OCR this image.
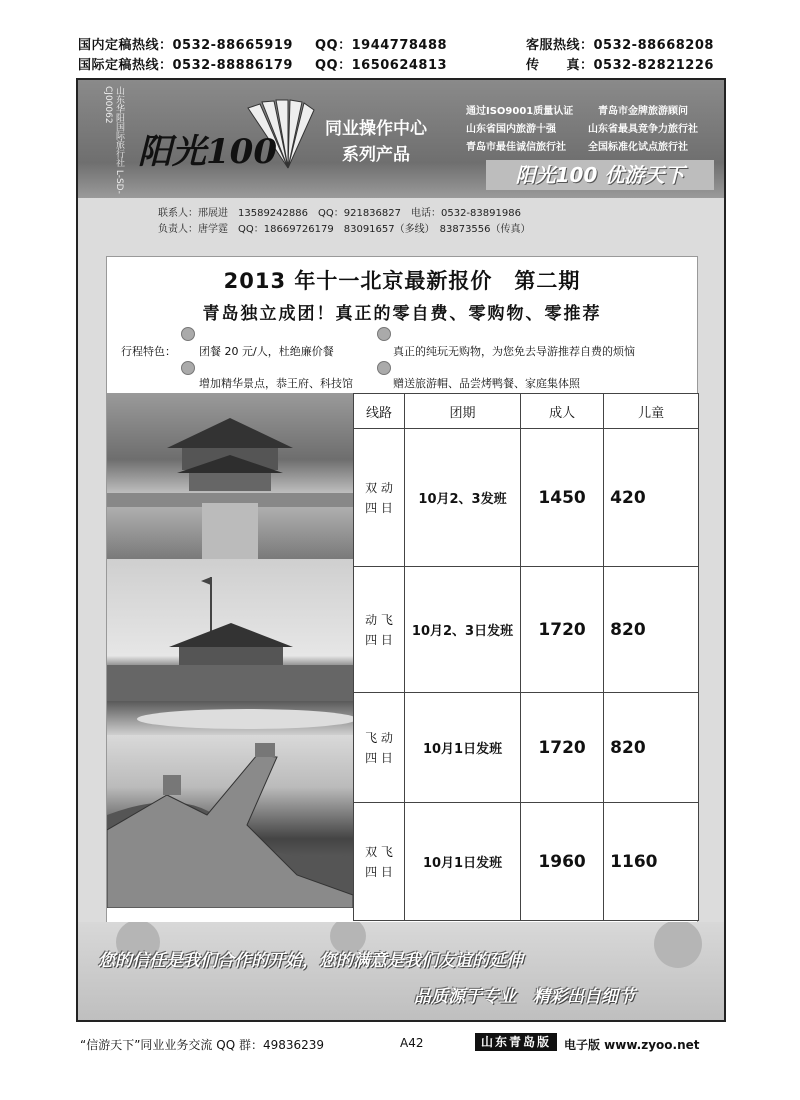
国内定稿热线：0532-88665919 QQ：1944778488	客服热线：0532-88668208
国际定稿热线：0532-88886179 QQ：1650624813	传　　真：0532-82821226
山东华阳国际旅行社 L-SD-CJ00062
阳光100
同业操作中心
系列产品
通过ISO9001质量认证 青岛市金牌旅游顾问
山东省国内旅游十强	山东省最具竞争力旅行社
青岛市最佳诚信旅行社 全国标准化试点旅行社
阳光100 优游天下
联系人：邢展进　13589242886　QQ：921836827　电话：0532-83891986
负责人：唐学霆　QQ：18669726179　83091657（多线）　83873556（传真）
2013 年十一北京最新报价　第二期
青岛独立成团！真正的零自费、零购物、零推荐
行程特色： 团餐 20 元/人，杜绝廉价餐	真正的纯玩无购物，为您免去导游推荐自费的烦恼
增加精华景点，恭王府、科技馆	赠送旅游帽、品尝烤鸭餐、家庭集体照
线路	团期	成人	儿童

双 动
四 日	10月2、3发班	1450	420

动 飞
四 日	10月2、3日发班	1720	820

飞 动
四 日	10月1日发班	1720	820

双 飞
四 日	10月1日发班	1960	1160
您的信任是我们合作的开始，您的满意是我们友谊的延伸
品质源于专业　精彩出自细节
“信游天下”同业业务交流 QQ 群：49836239	A42	山东青岛版	电子版 www.zyoo.net
